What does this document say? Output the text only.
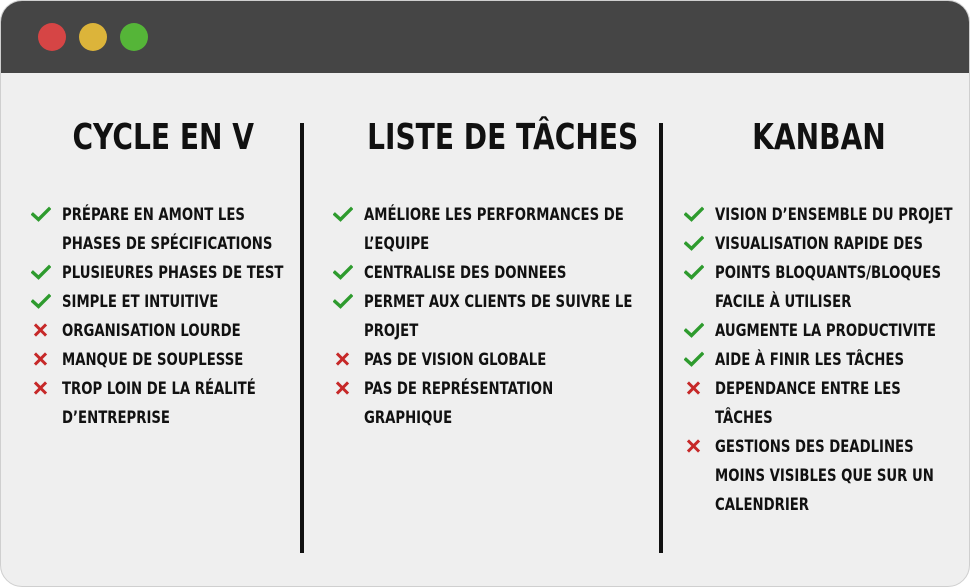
CYCLE EN V
PRÉPARE EN AMONT LES PHASES DE SPÉCIFICATIONS
PLUSIEURES PHASES DE TEST
SIMPLE ET INTUITIVE
ORGANISATION LOURDE
MANQUE DE SOUPLESSE
TROP LOIN DE LA RÉALITÉ D’ENTREPRISE
LISTE DE TÂCHES
AMÉLIORE LES PERFORMANCES DE L’EQUIPE
CENTRALISE DES DONNEES
PERMET AUX CLIENTS DE SUIVRE LE PROJET
PAS DE VISION GLOBALE
PAS DE REPRÉSENTATION GRAPHIQUE
KANBAN
VISION D’ENSEMBLE DU PROJET
VISUALISATION RAPIDE DES
POINTS BLOQUANTS/BLOQUES FACILE À UTILISER
AUGMENTE LA PRODUCTIVITE
AIDE À FINIR LES TÂCHES
DEPENDANCE ENTRE LES TÂCHES
GESTIONS DES DEADLINES MOINS VISIBLES QUE SUR UN CALENDRIER
